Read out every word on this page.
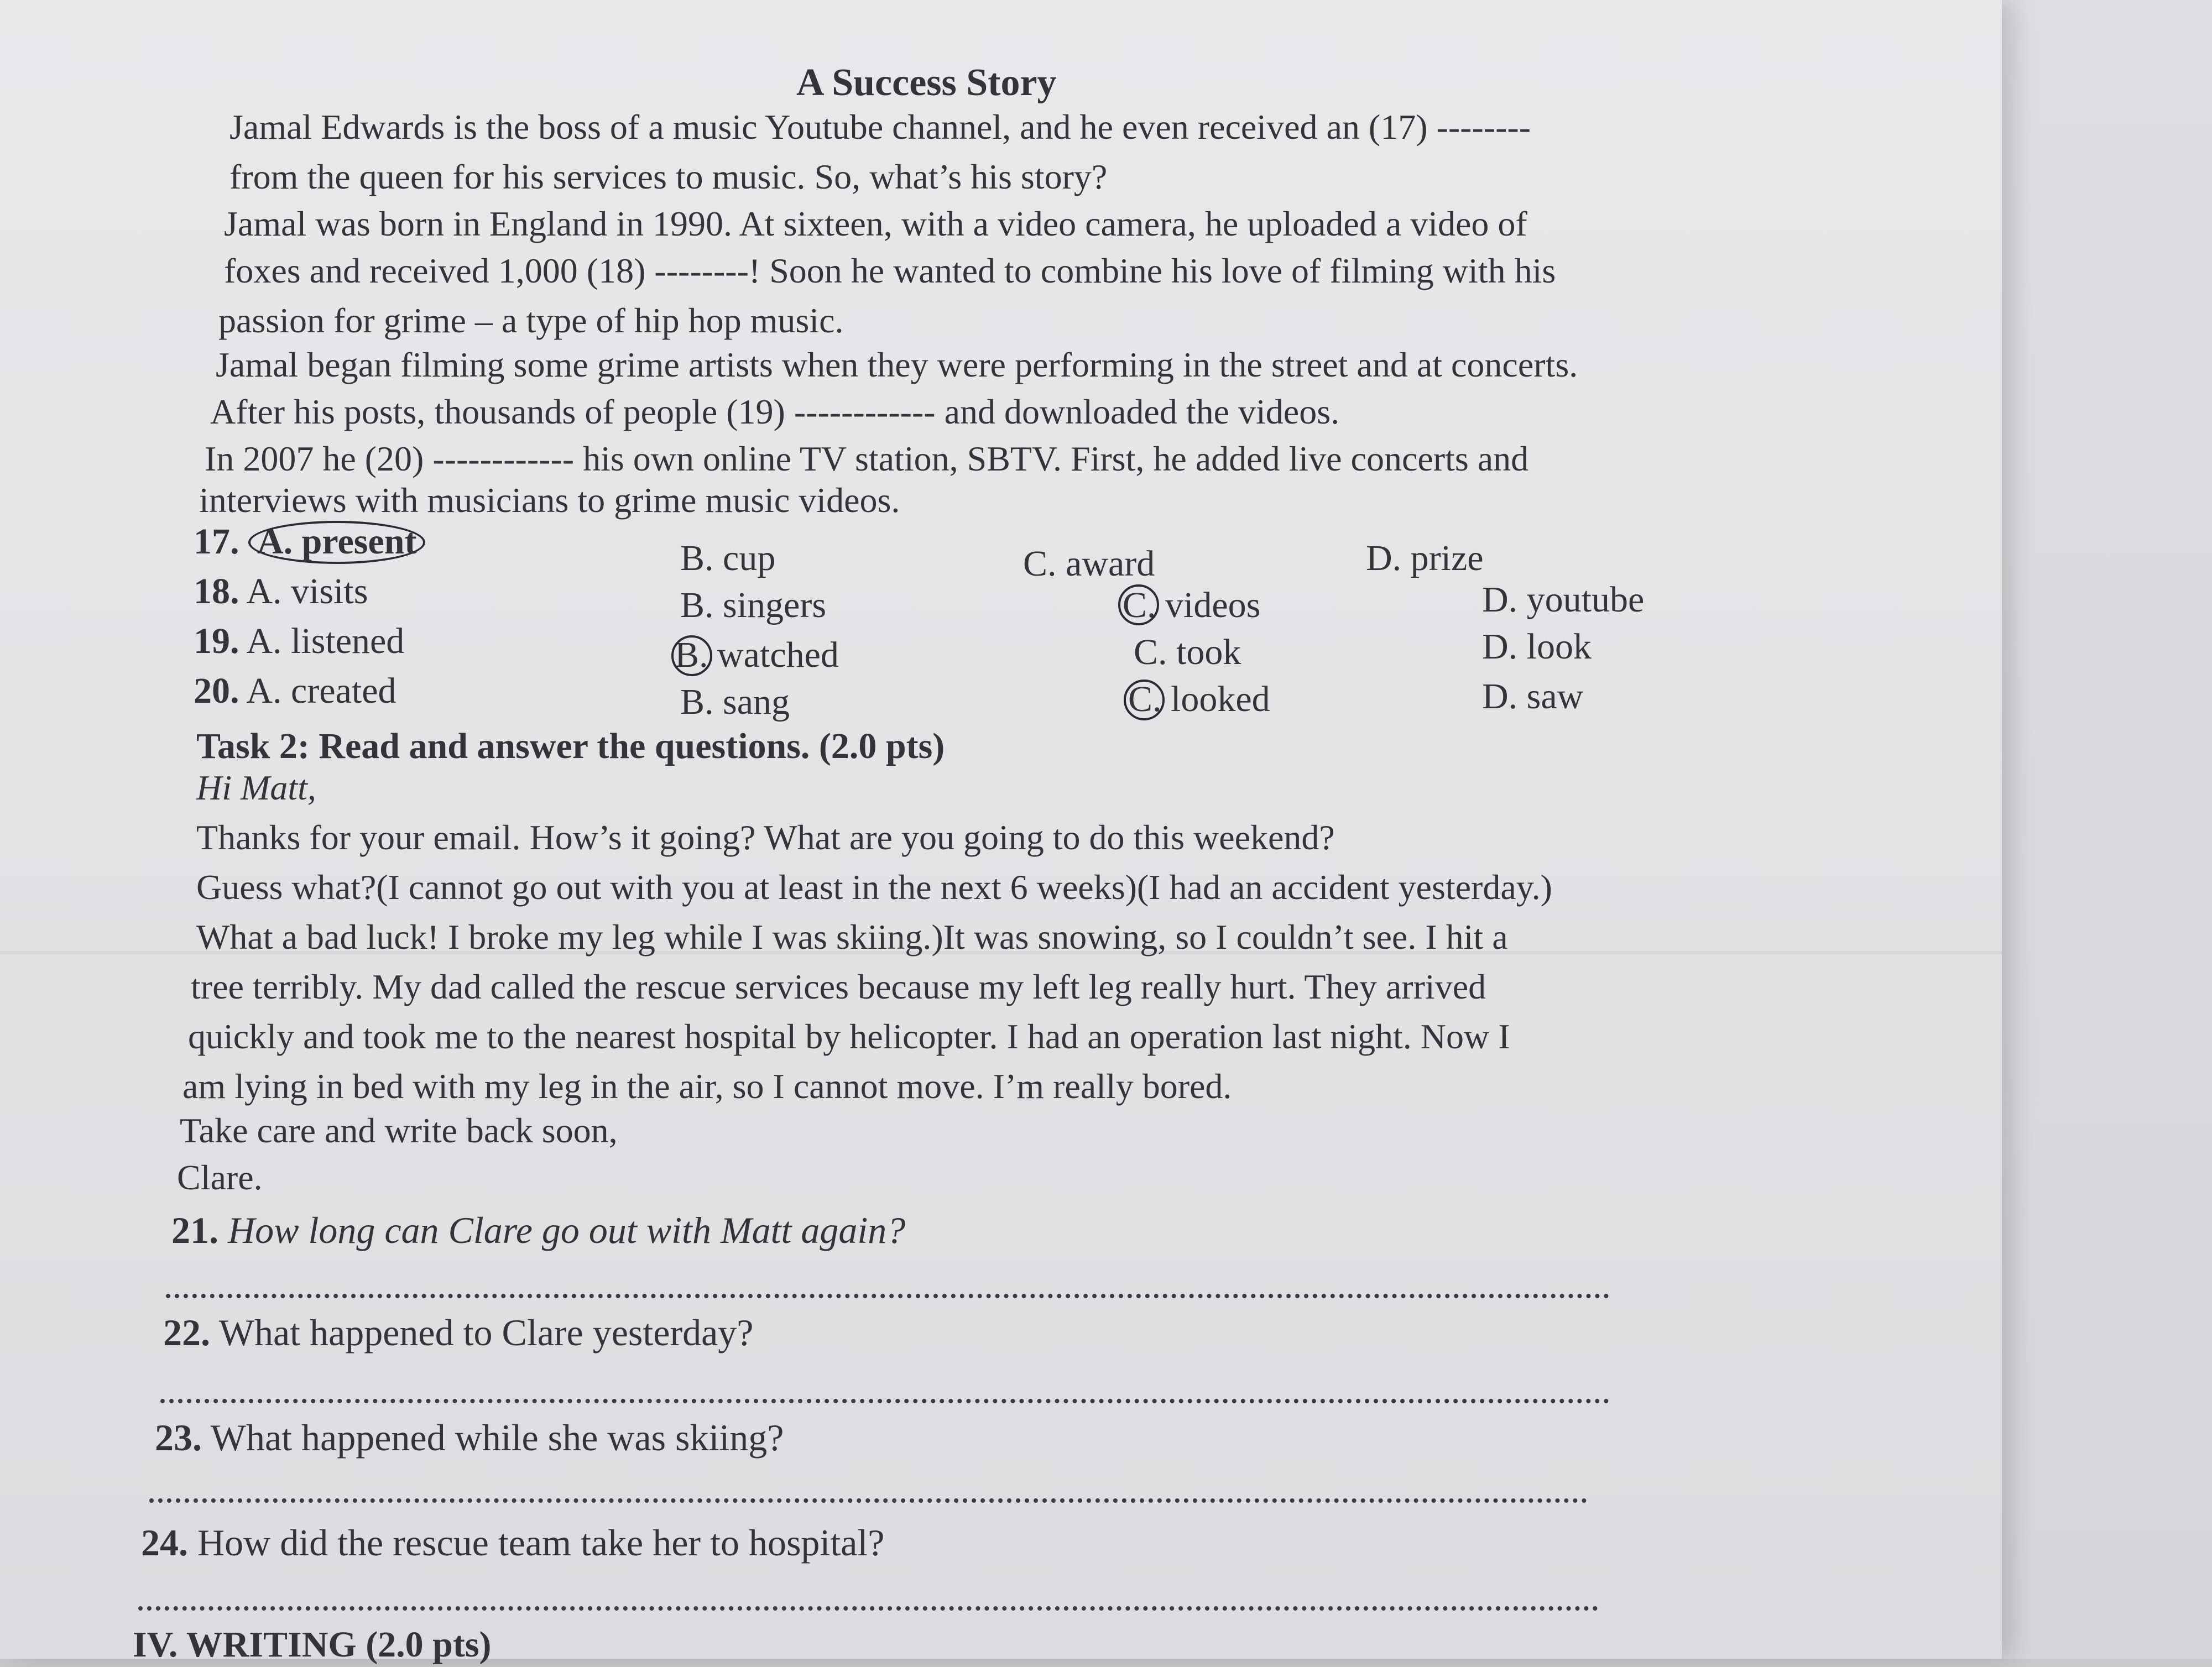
A Success Story
Jamal Edwards is the boss of a music Youtube channel, and he even received an (17) --------
from the queen for his services to music. So, what’s his story?
Jamal was born in England in 1990. At sixteen, with a video camera, he uploaded a video of
foxes and received 1,000 (18) --------! Soon he wanted to combine his love of filming with his
passion for grime – a type of hip hop music.
Jamal began filming some grime artists when they were performing in the street and at concerts.
After his posts, thousands of people (19) ------------ and downloaded the videos.
In 2007 he (20) ------------ his own online TV station, SBTV. First, he added live concerts and
interviews with musicians to grime music videos.
17. A. present	B. cup	C. award	D. prize
18. A. visits	B. singers	C. videos	D. youtube
19. A. listened	B. watched	C. took	D. look
20. A. created	B. sang	C. looked	D. saw
Task 2: Read and answer the questions. (2.0 pts)
Hi Matt,
Thanks for your email. How’s it going? What are you going to do this weekend?
Guess what?(I cannot go out with you at least in the next 6 weeks)(I had an accident yesterday.)
What a bad luck! I broke my leg while I was skiing.)It was snowing, so I couldn’t see. I hit a
tree terribly. My dad called the rescue services because my left leg really hurt. They arrived
quickly and took me to the nearest hospital by helicopter. I had an operation last night. Now I
am lying in bed with my leg in the air, so I cannot move. I’m really bored.
Take care and write back soon,
Clare.
21. How long can Clare go out with Matt again?
22. What happened to Clare yesterday?
23. What happened while she was skiing?
24. How did the rescue team take her to hospital?
IV. WRITING (2.0 pts)
